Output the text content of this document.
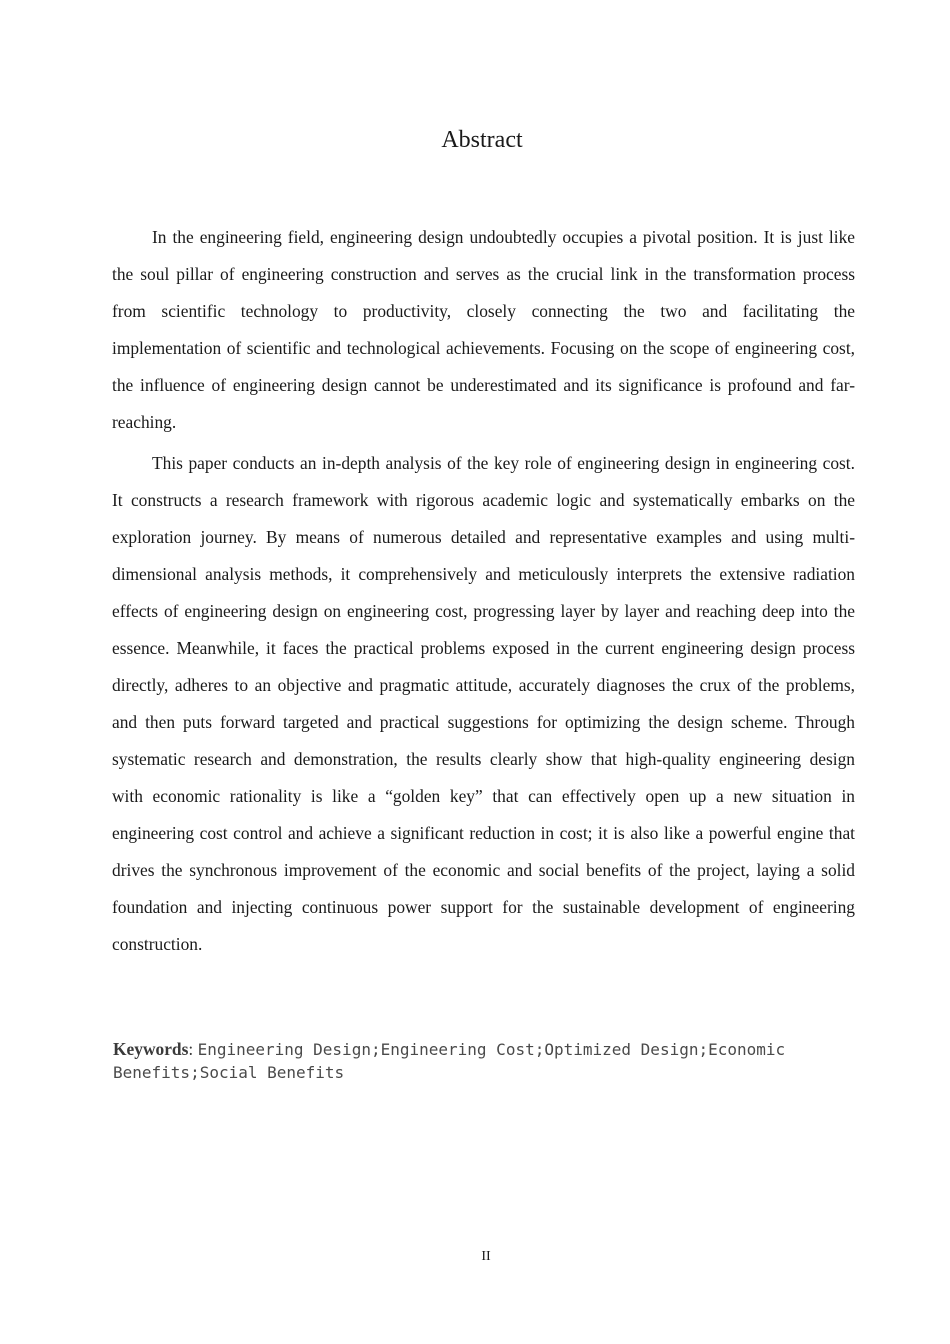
Abstract

In the engineering field, engineering design undoubtedly occupies a pivotal position. It is just like the soul pillar of engineering construction and serves as the crucial link in the transformation process from scientific technology to productivity, closely connecting the two and facilitating the implementation of scientific and technological achievements. Focusing on the scope of engineering cost, the influence of engineering design cannot be underestimated and its significance is profound and far-reaching.

This paper conducts an in-depth analysis of the key role of engineering design in engineering cost. It constructs a research framework with rigorous academic logic and systematically embarks on the exploration journey. By means of numerous detailed and representative examples and using multi-dimensional analysis methods, it comprehensively and meticulously interprets the extensive radiation effects of engineering design on engineering cost, progressing layer by layer and reaching deep into the essence. Meanwhile, it faces the practical problems exposed in the current engineering design process directly, adheres to an objective and pragmatic attitude, accurately diagnoses the crux of the problems, and then puts forward targeted and practical suggestions for optimizing the design scheme. Through systematic research and demonstration, the results clearly show that high-quality engineering design with economic rationality is like a “golden key” that can effectively open up a new situation in engineering cost control and achieve a significant reduction in cost; it is also like a powerful engine that drives the synchronous improvement of the economic and social benefits of the project, laying a solid foundation and injecting continuous power support for the sustainable development of engineering construction.

Keywords: Engineering Design;Engineering Cost;Optimized Design;Economic Benefits;Social Benefits
II
